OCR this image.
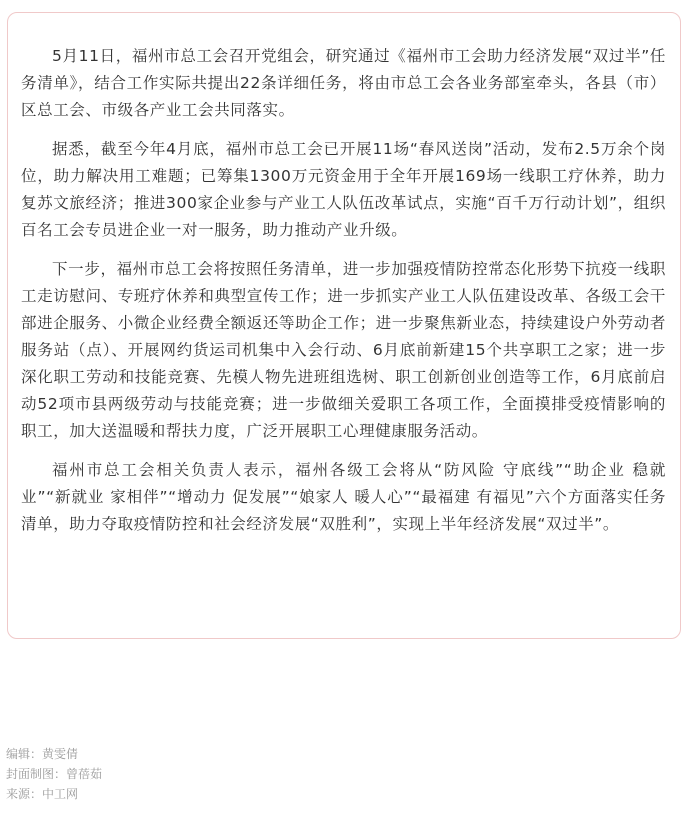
5月11日，福州市总工会召开党组会，研究通过《福州市工会助力经济发展“双过半”任务清单》，结合工作实际共提出22条详细任务，将由市总工会各业务部室牵头，各县（市）区总工会、市级各产业工会共同落实。

据悉，截至今年4月底，福州市总工会已开展11场“春风送岗”活动，发布2.5万余个岗位，助力解决用工难题；已筹集1300万元资金用于全年开展169场一线职工疗休养，助力复苏文旅经济；推进300家企业参与产业工人队伍改革试点，实施“百千万行动计划”，组织百名工会专员进企业一对一服务，助力推动产业升级。

下一步，福州市总工会将按照任务清单，进一步加强疫情防控常态化形势下抗疫一线职工走访慰问、专班疗休养和典型宣传工作；进一步抓实产业工人队伍建设改革、各级工会干部进企服务、小微企业经费全额返还等助企工作；进一步聚焦新业态，持续建设户外劳动者服务站（点）、开展网约货运司机集中入会行动、6月底前新建15个共享职工之家；进一步深化职工劳动和技能竞赛、先模人物先进班组选树、职工创新创业创造等工作，6月底前启动52项市县两级劳动与技能竞赛；进一步做细关爱职工各项工作，全面摸排受疫情影响的职工，加大送温暖和帮扶力度，广泛开展职工心理健康服务活动。

福州市总工会相关负责人表示，福州各级工会将从“防风险 守底线”“助企业 稳就业”“新就业 家相伴”“增动力 促发展”“娘家人 暖人心”“最福建 有福见”六个方面落实任务清单，助力夺取疫情防控和社会经济发展“双胜利”，实现上半年经济发展“双过半”。

编辑：黄雯倩
封面制图：曾蓓茹
来源：中工网
